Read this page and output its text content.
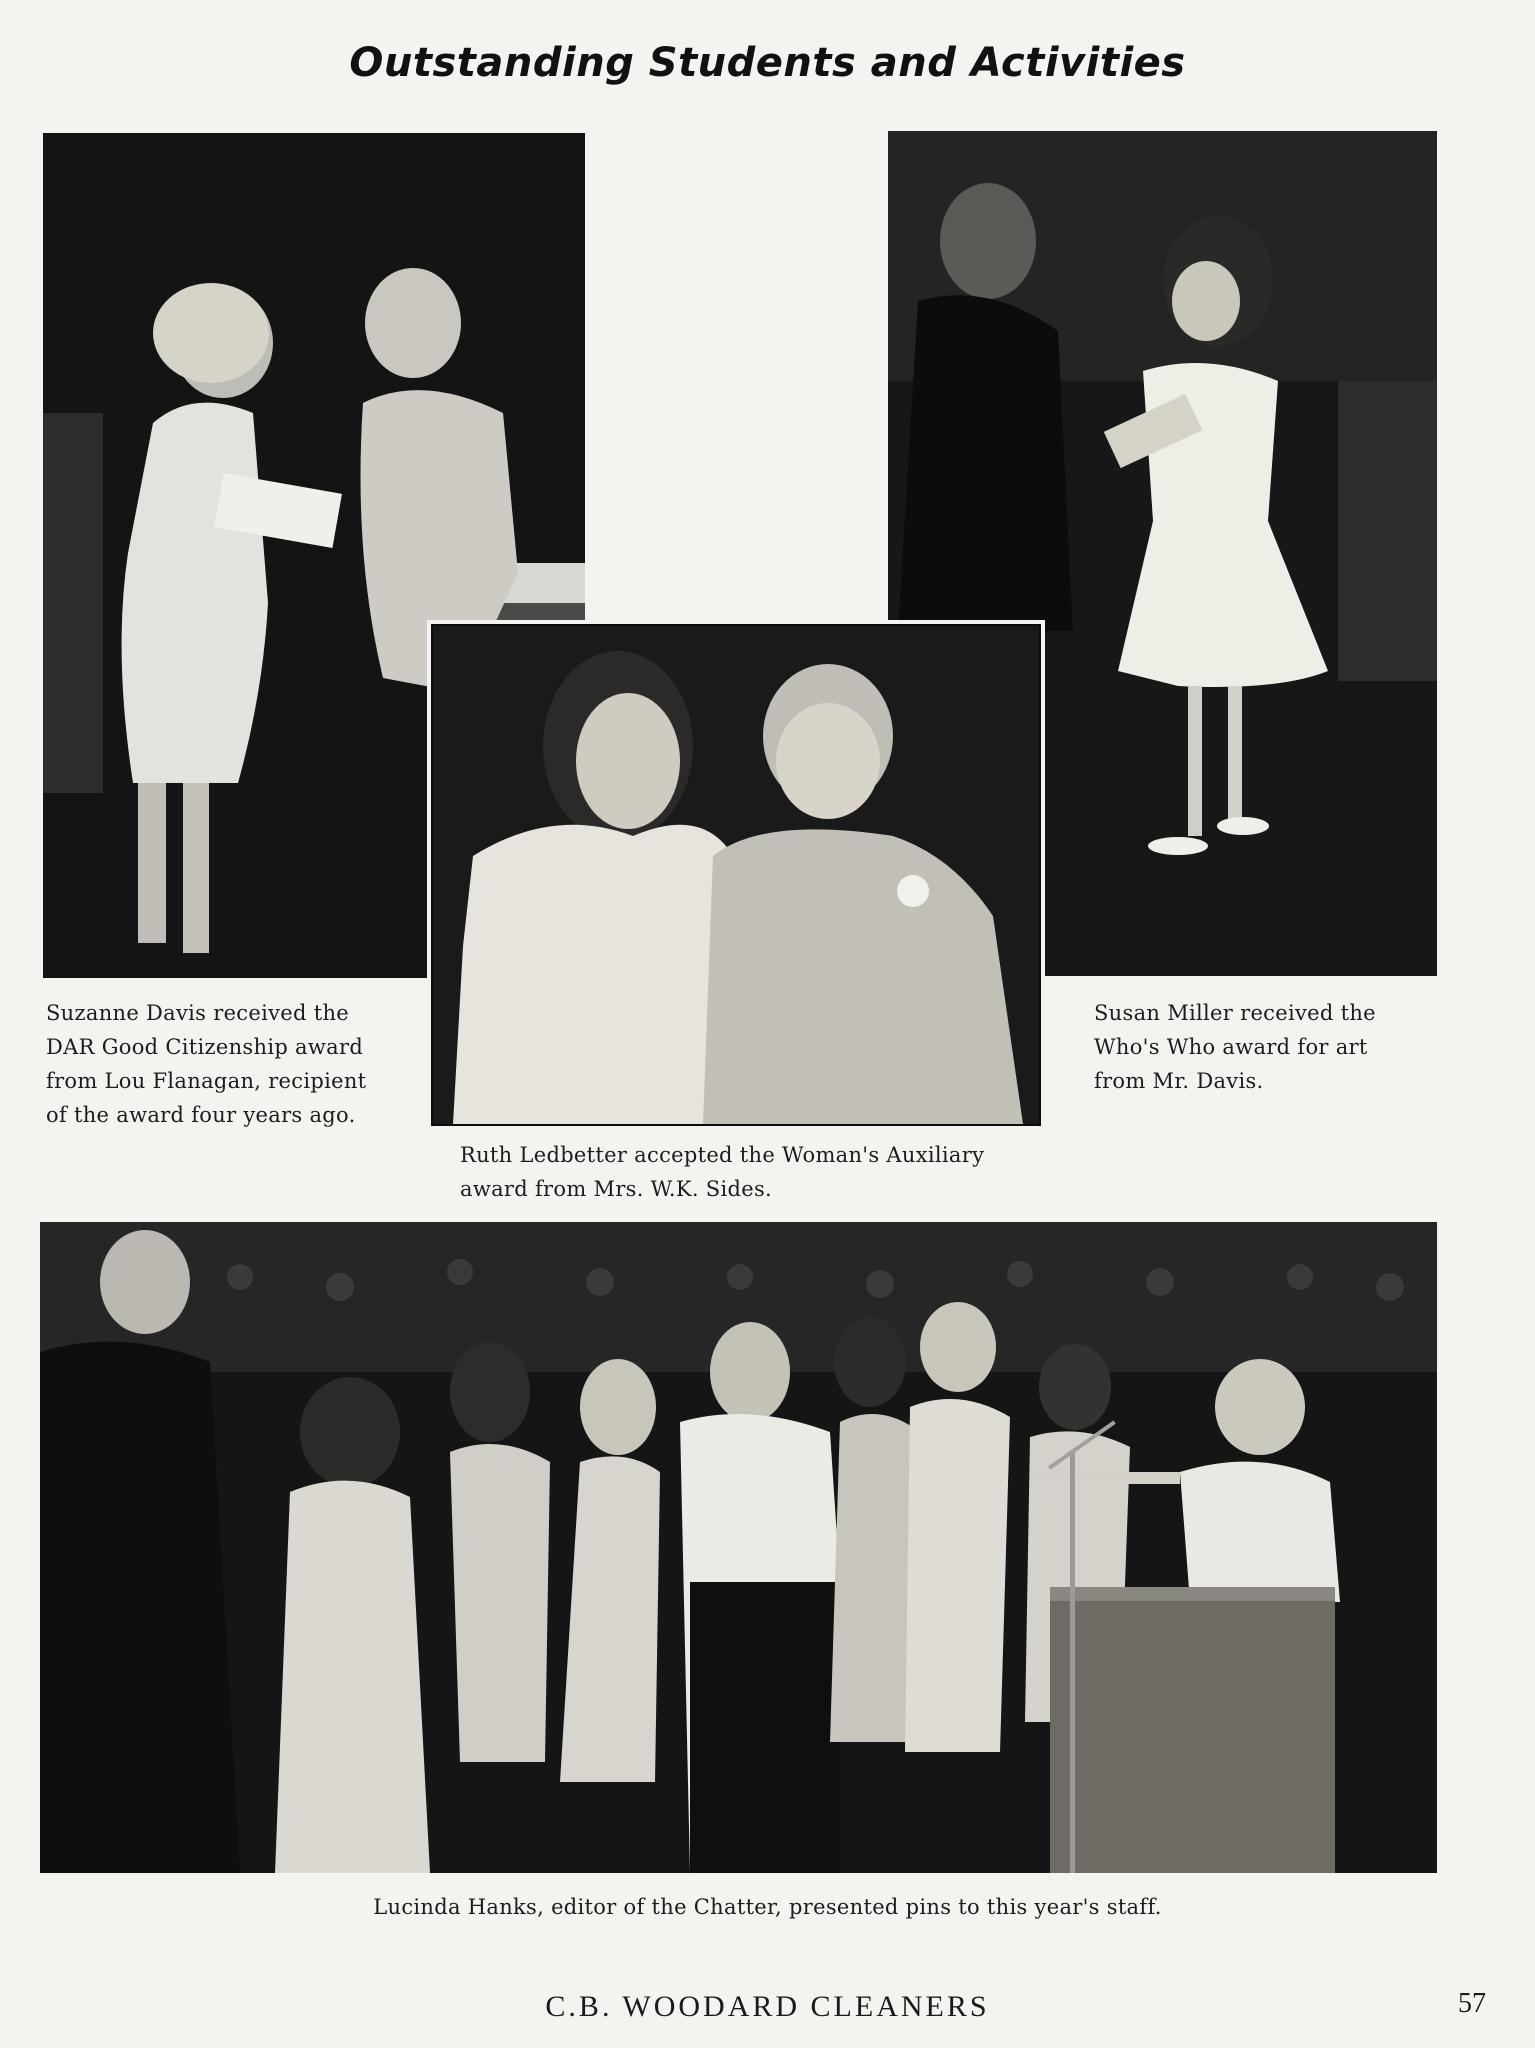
Outstanding Students and Activities
Suzanne Davis received the
DAR Good Citizenship award
from Lou Flanagan, recipient
of the award four years ago.
Susan Miller received the
Who's Who award for art
from Mr. Davis.
Ruth Ledbetter accepted the Woman's Auxiliary
award from Mrs. W.K. Sides.
Lucinda Hanks, editor of the Chatter, presented pins to this year's staff.
C.B. WOODARD CLEANERS	57
